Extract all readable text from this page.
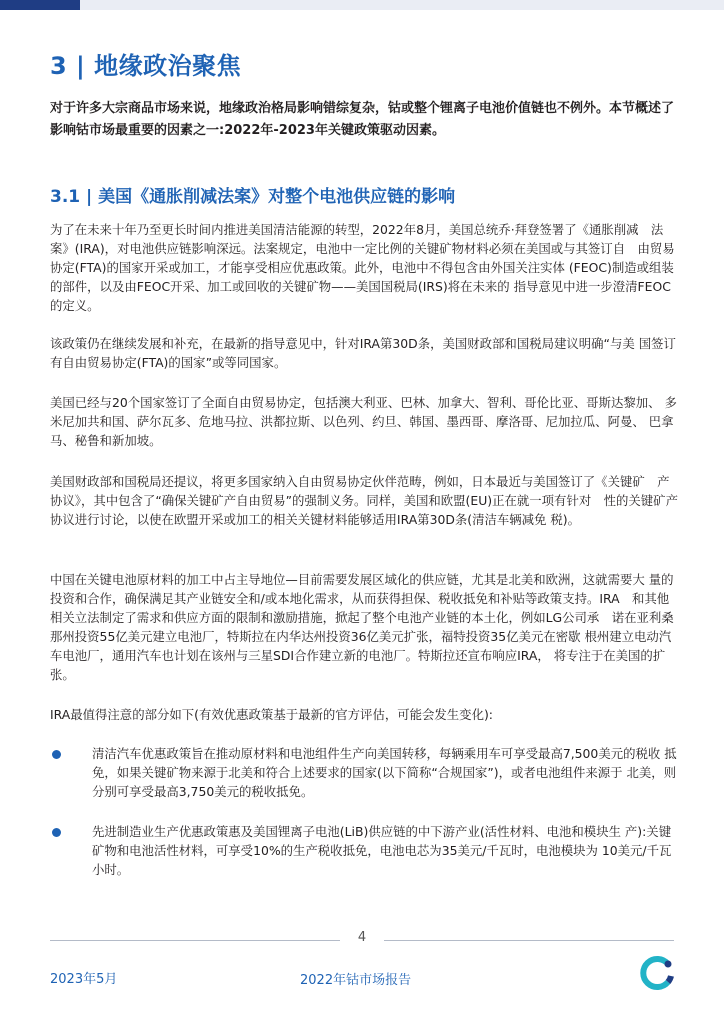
3 | 地缘政治聚焦
对于许多大宗商品市场来说，地缘政治格局影响错综复杂，钴或整个锂离子电池价值链也不例外。本节概述了影响钴市场最重要的因素之一:2022年-2023年关键政策驱动因素。
3.1 | 美国《通胀削减法案》对整个电池供应链的影响
为了在未来十年乃至更长时间内推进美国清洁能源的转型，2022年8月，美国总统乔·拜登签署了《通胀削减　法案》(IRA)，对电池供应链影响深远。法案规定，电池中一定比例的关键矿物材料必须在美国或与其签订自　由贸易协定(FTA)的国家开采或加工，才能享受相应优惠政策。此外，电池中不得包含由外国关注实体 (FEOC)制造或组装的部件，以及由FEOC开采、加工或回收的关键矿物——美国国税局(IRS)将在未来的 指导意见中进一步澄清FEOC的定义。
该政策仍在继续发展和补充，在最新的指导意见中，针对IRA第30D条，美国财政部和国税局建议明确“与美 国签订有自由贸易协定(FTA)的国家”或等同国家。
美国已经与20个国家签订了全面自由贸易协定，包括澳大利亚、巴林、加拿大、智利、哥伦比亚、哥斯达黎加、 多米尼加共和国、萨尔瓦多、危地马拉、洪都拉斯、以色列、约旦、韩国、墨西哥、摩洛哥、尼加拉瓜、阿曼、 巴拿马、秘鲁和新加坡。
美国财政部和国税局还提议，将更多国家纳入自由贸易协定伙伴范畴，例如，日本最近与美国签订了《关键矿　产协议》，其中包含了“确保关键矿产自由贸易”的强制义务。同样，美国和欧盟(EU)正在就一项有针对　性的关键矿产协议进行讨论，以使在欧盟开采或加工的相关关键材料能够适用IRA第30D条(清洁车辆减免 税)。
中国在关键电池原材料的加工中占主导地位—目前需要发展区域化的供应链，尤其是北美和欧洲，这就需要大 量的投资和合作，确保满足其产业链安全和/或本地化需求，从而获得担保、税收抵免和补贴等政策支持。IRA　和其他相关立法制定了需求和供应方面的限制和激励措施，掀起了整个电池产业链的本土化，例如LG公司承　诺在亚利桑那州投资55亿美元建立电池厂，特斯拉在内华达州投资36亿美元扩张，福特投资35亿美元在密歇 根州建立电动汽车电池厂，通用汽车也计划在该州与三星SDI合作建立新的电池厂。特斯拉还宣布响应IRA， 将专注于在美国的扩张。
IRA最值得注意的部分如下(有效优惠政策基于最新的官方评估，可能会发生变化):
清洁汽车优惠政策旨在推动原材料和电池组件生产向美国转移，每辆乘用车可享受最高7,500美元的税收 抵免，如果关键矿物来源于北美和符合上述要求的国家(以下简称“合规国家”)，或者电池组件来源于 北美，则分别可享受最高3,750美元的税收抵免。
先进制造业生产优惠政策惠及美国锂离子电池(LiB)供应链的中下游产业(活性材料、电池和模块生 产):关键矿物和电池活性材料，可享受10%的生产税收抵免，电池电芯为35美元/千瓦时，电池模块为 10美元/千瓦小时。
4
2023年5月	2022年钴市场报告
